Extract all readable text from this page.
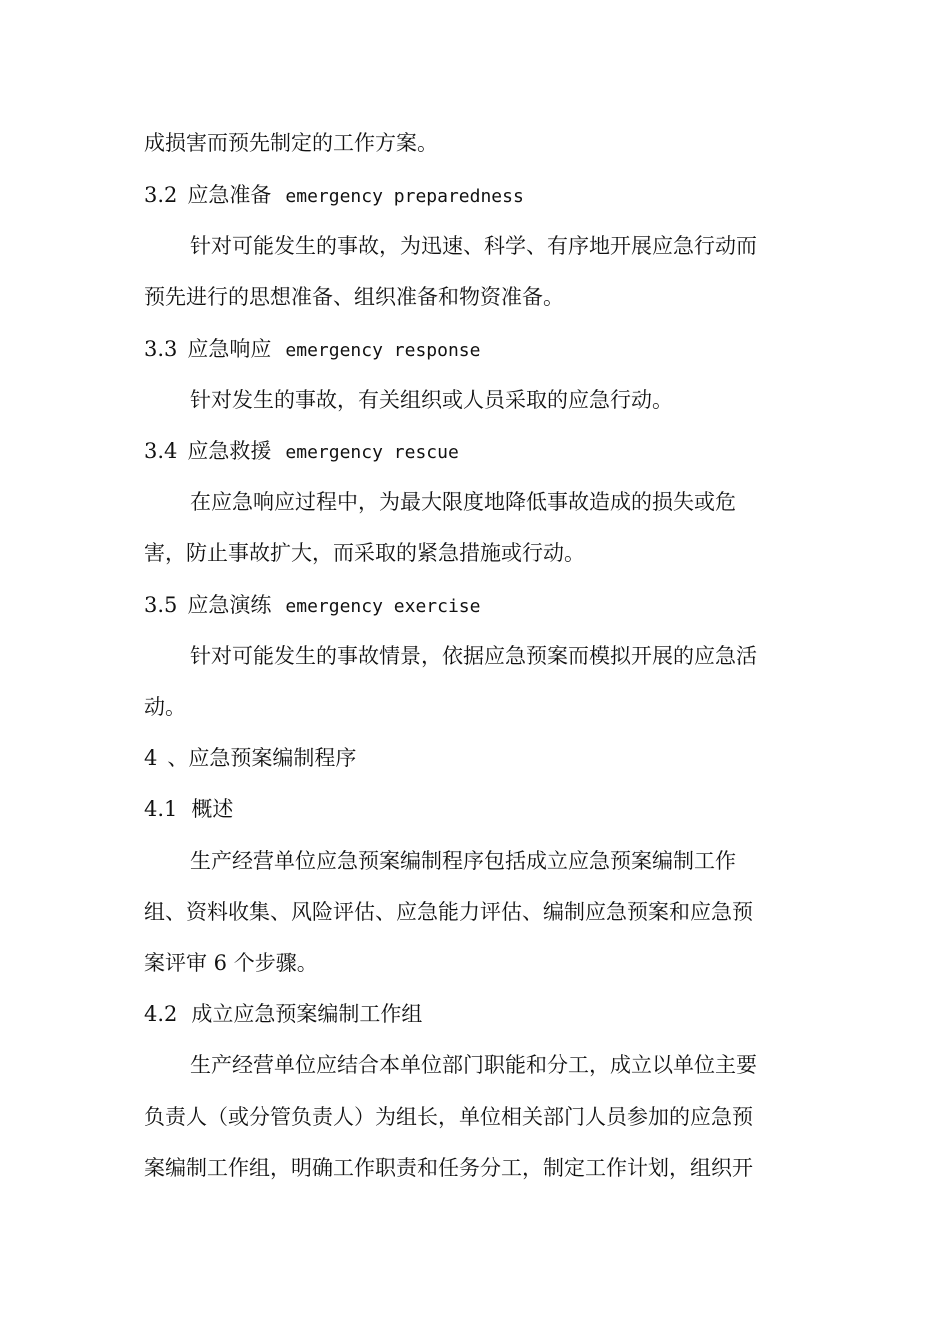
成损害而预先制定的工作方案。
3.2 应急准备 emergency preparedness
针对可能发生的事故，为迅速、科学、有序地开展应急行动而
预先进行的思想准备、组织准备和物资准备。
3.3 应急响应 emergency response
针对发生的事故，有关组织或人员采取的应急行动。
3.4 应急救援 emergency rescue
在应急响应过程中，为最大限度地降低事故造成的损失或危
害，防止事故扩大，而采取的紧急措施或行动。
3.5 应急演练 emergency exercise
针对可能发生的事故情景，依据应急预案而模拟开展的应急活
动。
4 、应急预案编制程序
4.1 概述
生产经营单位应急预案编制程序包括成立应急预案编制工作
组、资料收集、风险评估、应急能力评估、编制应急预案和应急预
案评审 6 个步骤。
4.2 成立应急预案编制工作组
生产经营单位应结合本单位部门职能和分工，成立以单位主要
负责人（或分管负责人）为组长，单位相关部门人员参加的应急预
案编制工作组，明确工作职责和任务分工，制定工作计划，组织开
